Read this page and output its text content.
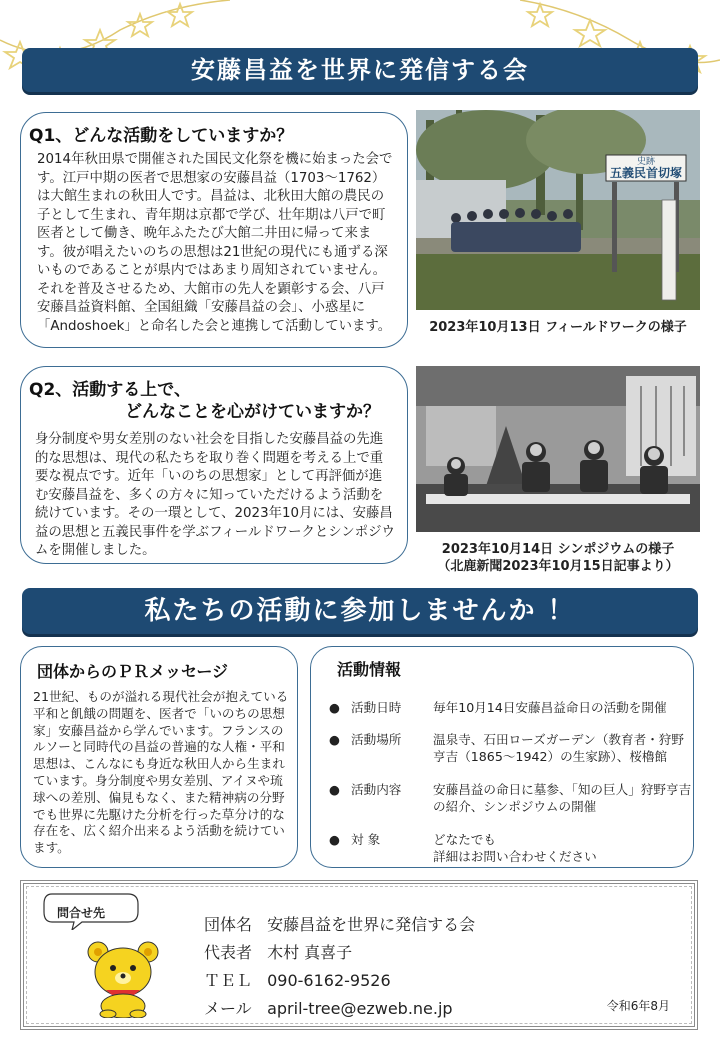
安藤昌益を世界に発信する会
Q1、どんな活動をしていますか？
2014年秋田県で開催された国民文化祭を機に始まった会です。江戸中期の医者で思想家の安藤昌益（1703～1762）は大館生まれの秋田人です。昌益は、北秋田大館の農民の子として生まれ、青年期は京都で学び、壮年期は八戸で町医者として働き、晩年ふたたび大館二井田に帰って来ます。彼が唱えたいのちの思想は21世紀の現代にも通ずる深いものであることが県内ではあまり周知されていません。それを普及させるため、大館市の先人を顕彰する会、八戸安藤昌益資料館、全国組織「安藤昌益の会」、小惑星に「Andoshoek」と命名した会と連携して活動しています。
史跡
五義民首切塚
2023年10月13日 フィールドワークの様子
Q2、活動する上で、
どんなことを心がけていますか？
身分制度や男女差別のない社会を目指した安藤昌益の先進的な思想は、現代の私たちを取り巻く問題を考える上で重要な視点です。近年「いのちの思想家」として再評価が進む安藤昌益を、多くの方々に知っていただけるよう活動を続けています。その一環として、2023年10月には、安藤昌益の思想と五義民事件を学ぶフィールドワークとシンポジウムを開催しました。	2023年10月14日 シンポジウムの様子
（北鹿新聞2023年10月15日記事より）
私たちの活動に参加しませんか ！
団体からのＰＲメッセージ
21世紀、ものが溢れる現代社会が抱えている平和と飢餓の問題を、医者で「いのちの思想家」安藤昌益から学んでいます。フランスのルソーと同時代の昌益の普遍的な人権・平和思想は、こんなにも身近な秋田人から生まれています。身分制度や男女差別、アイヌや琉球への差別、偏見もなく、また精神病の分野でも世界に先駆けた分析を行った草分け的な存在を、広く紹介出来るよう活動を続けています。
活動情報
● 活動日時	毎年10月14日安藤昌益命日の活動を開催
● 活動場所	温泉寺、石田ローズガーデン（教育者・狩野亨吉（1865～1942）の生家跡）、桜櫓館
● 活動内容	安藤昌益の命日に墓参、「知の巨人」狩野亨吉の紹介、シンポジウムの開催
● 対 象	どなたでも
詳細はお問い合わせください
問合せ先
団体名 安藤昌益を世界に発信する会
代表者 木村 真喜子
ＴＥＬ 090-6162-9526
メール april-tree@ezweb.ne.jp	令和6年8月
